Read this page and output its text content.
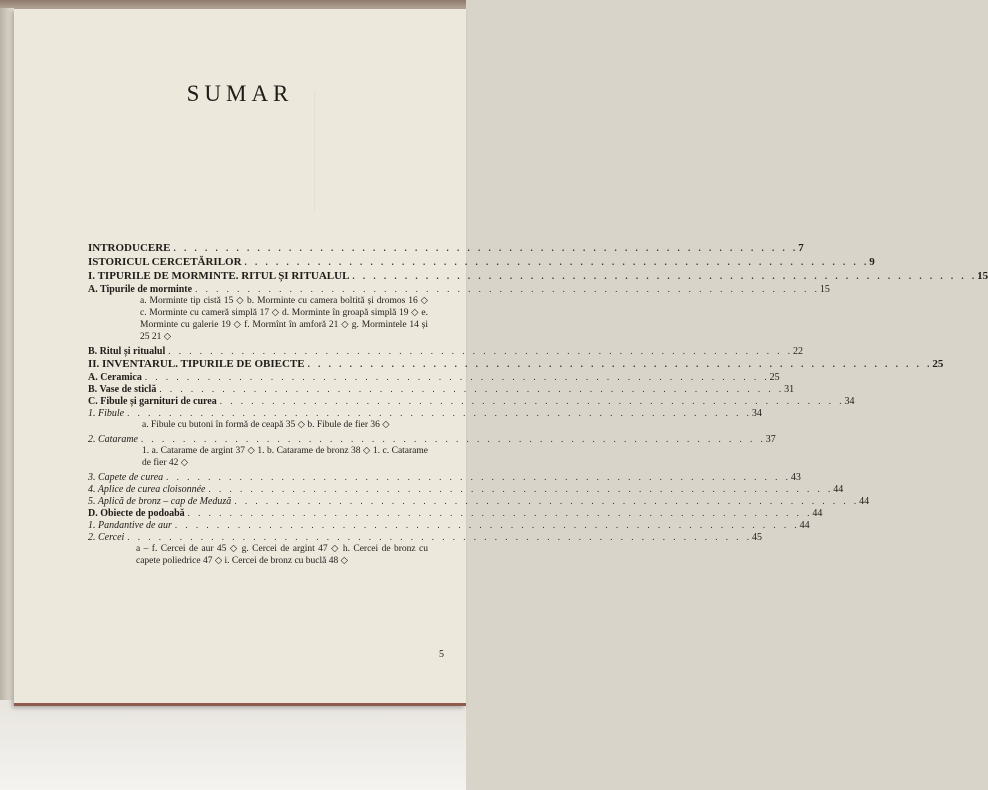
SUMAR
INTRODUCERE . . . . . . . . . . . . . . . . . . . . . . . . . . . . . . . . . . . . . . . . . . . . . . . . . . . . . . . . . . . . 7
ISTORICUL CERCETĂRILOR . . . . . . . . . . . . . . . . . . . . . . . . . . . . . . . . . . . . . . . . . . . . . . . . . . . . . . . . . . . . 9
I. TIPURILE DE MORMINTE. RITUL ȘI RITUALUL . . . . . . . . . . . . . . . . . . . . . . . . . . . . . . . . . . . . . . . . . . . . . . . . . . . . . . . . . . . . 15
A. Tipurile de morminte . . . . . . . . . . . . . . . . . . . . . . . . . . . . . . . . . . . . . . . . . . . . . . . . . . . . . . . . . . . . 15
a. Morminte tip cistă 15 ◇ b. Morminte cu camera boltită și dromos 16 ◇ c. Morminte cu cameră simplă 17 ◇ d. Morminte în groapă simplă 19 ◇ e. Morminte cu galerie 19 ◇ f. Mormînt în amforă 21 ◇ g. Mormintele 14 și 25 21 ◇
B. Ritul și ritualul . . . . . . . . . . . . . . . . . . . . . . . . . . . . . . . . . . . . . . . . . . . . . . . . . . . . . . . . . . . . 22
II. INVENTARUL. TIPURILE DE OBIECTE . . . . . . . . . . . . . . . . . . . . . . . . . . . . . . . . . . . . . . . . . . . . . . . . . . . . . . . . . . . . 25
A. Ceramica . . . . . . . . . . . . . . . . . . . . . . . . . . . . . . . . . . . . . . . . . . . . . . . . . . . . . . . . . . . . 25
B. Vase de sticlă . . . . . . . . . . . . . . . . . . . . . . . . . . . . . . . . . . . . . . . . . . . . . . . . . . . . . . . . . . . . 31
C. Fibule și garnituri de curea . . . . . . . . . . . . . . . . . . . . . . . . . . . . . . . . . . . . . . . . . . . . . . . . . . . . . . . . . . . . 34
1. Fibule . . . . . . . . . . . . . . . . . . . . . . . . . . . . . . . . . . . . . . . . . . . . . . . . . . . . . . . . . . . . 34
a. Fibule cu butoni în formă de ceapă 35 ◇ b. Fibule de fier 36 ◇
2. Catarame . . . . . . . . . . . . . . . . . . . . . . . . . . . . . . . . . . . . . . . . . . . . . . . . . . . . . . . . . . . . 37
1. a. Catarame de argint 37 ◇ 1. b. Catarame de bronz 38 ◇ 1. c. Catarame de fier 42 ◇
3. Capete de curea . . . . . . . . . . . . . . . . . . . . . . . . . . . . . . . . . . . . . . . . . . . . . . . . . . . . . . . . . . . . 43
4. Aplice de curea cloisonnée . . . . . . . . . . . . . . . . . . . . . . . . . . . . . . . . . . . . . . . . . . . . . . . . . . . . . . . . . . . . 44
5. Aplică de bronz – cap de Meduză . . . . . . . . . . . . . . . . . . . . . . . . . . . . . . . . . . . . . . . . . . . . . . . . . . . . . . . . . . . . 44
D. Obiecte de podoabă . . . . . . . . . . . . . . . . . . . . . . . . . . . . . . . . . . . . . . . . . . . . . . . . . . . . . . . . . . . . 44
1. Pandantive de aur . . . . . . . . . . . . . . . . . . . . . . . . . . . . . . . . . . . . . . . . . . . . . . . . . . . . . . . . . . . . 44
2. Cercei . . . . . . . . . . . . . . . . . . . . . . . . . . . . . . . . . . . . . . . . . . . . . . . . . . . . . . . . . . . . 45
a – f. Cercei de aur 45 ◇ g. Cercei de argint 47 ◇ h. Cercei de bronz cu capete poliedrice 47 ◇ i. Cercei de bronz cu buclă 48 ◇
5
